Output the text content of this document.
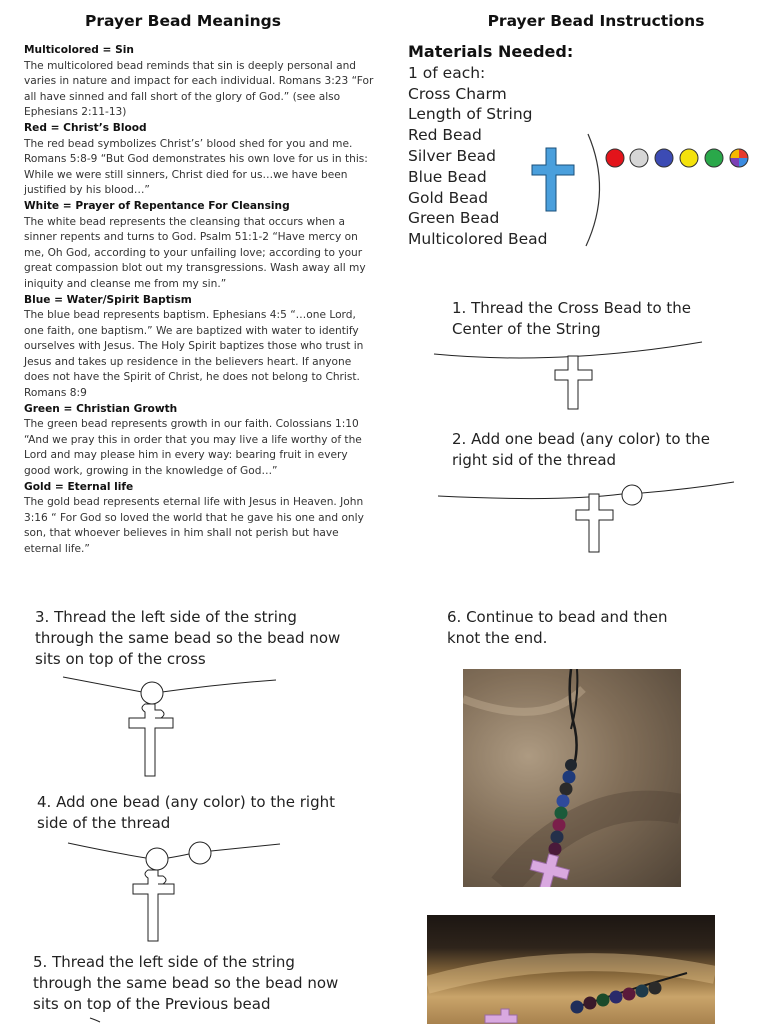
Prayer Bead Meanings	Prayer Bead Instructions

Multicolored = Sin

The multicolored bead reminds that sin is deeply personal and varies in nature and impact for each individual. Romans 3:23 “For all have sinned and fall short of the glory of God.” (see also Ephesians 2:11-13)

Red = Christ’s Blood

The red bead symbolizes Christ’s’ blood shed for you and me. Romans 5:8-9 “But God demonstrates his own love for us in this: While we were still sinners, Christ died for us…we have been justified by his blood…”

White = Prayer of Repentance For Cleansing

The white bead represents the cleansing that occurs when a sinner repents and turns to God. Psalm 51:1-2 “Have mercy on me, Oh God, according to your unfailing love; according to your great compassion blot out my transgressions. Wash away all my iniquity and cleanse me from my sin.”

Blue = Water/Spirit Baptism

The blue bead represents baptism. Ephesians 4:5 “…one Lord, one faith, one baptism.” We are baptized with water to identify ourselves with Jesus. The Holy Spirit baptizes those who trust in Jesus and takes up residence in the believers heart. If anyone does not have the Spirit of Christ, he does not belong to Christ. Romans 8:9

Green = Christian Growth

The green bead represents growth in our faith. Colossians 1:10 “And we pray this in order that you may live a life worthy of the Lord and may please him in every way: bearing fruit in every good work, growing in the knowledge of God…”

Gold = Eternal life

The gold bead represents eternal life with Jesus in Heaven. John 3:16 “ For God so loved the world that he gave his one and only son, that whoever believes in him shall not perish but have eternal life.”

Materials Needed:
1 of each:
Cross Charm
Length of String
Red Bead
Silver Bead
Blue Bead
Gold Bead
Green Bead
Multicolored Bead
1. Thread the Cross Bead to the Center of the String
2. Add one bead (any color) to the right sid of the thread
3. Thread the left side of the string through the same bead so the bead now sits on top of the cross
4. Add one bead (any color) to the right side of the thread
5. Thread the left side of the string through the same bead so the bead now sits on top of the Previous bead
6. Continue to bead and then knot the end.
